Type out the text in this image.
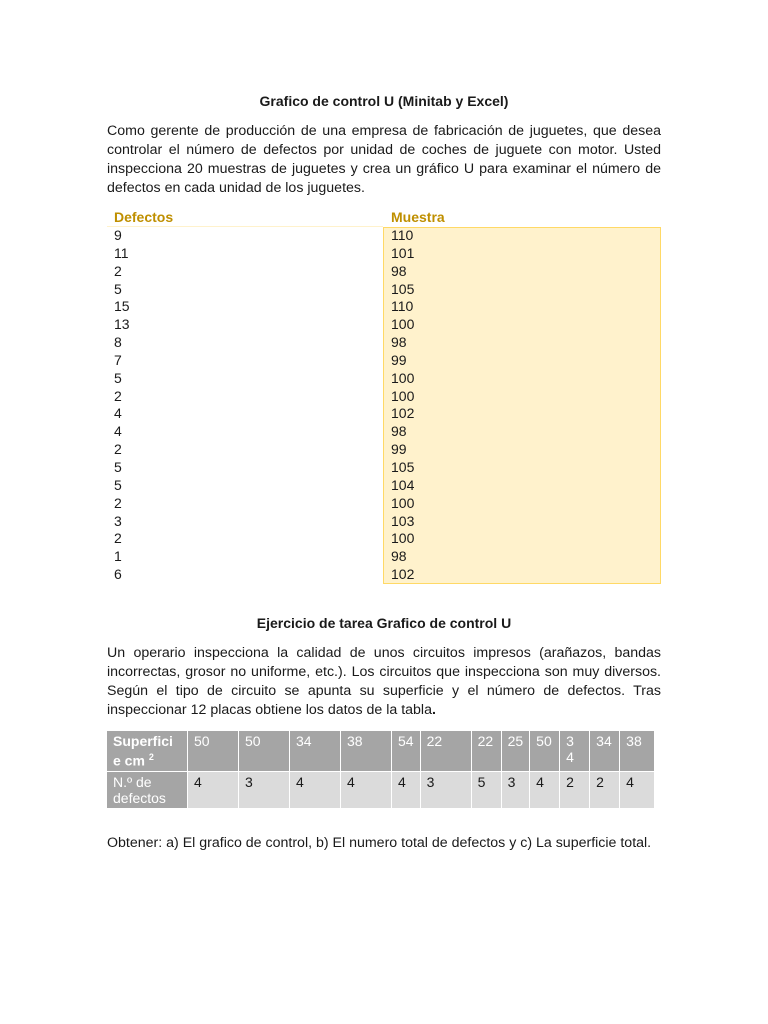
Grafico de control U (Minitab y Excel)
Como gerente de producción de una empresa de fabricación de juguetes, que desea controlar el número de defectos por unidad de coches de juguete con motor. Usted inspecciona 20 muestras de juguetes y crea un gráfico U para examinar el número de defectos en cada unidad de los juguetes.
Defectos	Muestra
9	110
11	101
2	98
5	105
15	110
13	100
8	98
7	99
5	100
2	100
4	102
4	98
2	99
5	105
5	104
2	100
3	103
2	100
1	98
6	102
Ejercicio de tarea Grafico de control U
Un operario inspecciona la calidad de unos circuitos impresos (arañazos, bandas incorrectas, grosor no uniforme, etc.). Los circuitos que inspecciona son muy diversos. Según el tipo de circuito se apunta su superficie y el número de defectos. Tras inspeccionar 12 placas obtiene los datos de la tabla.
Superfici
e cm $^2$	50	50	34	38	54	22	22	25	50	3 4	34	38
N.º de defectos	4	3	4	4	4	3	5	3	4	2	2	4
Obtener: a) El grafico de control, b) El numero total de defectos y c) La superficie total.
